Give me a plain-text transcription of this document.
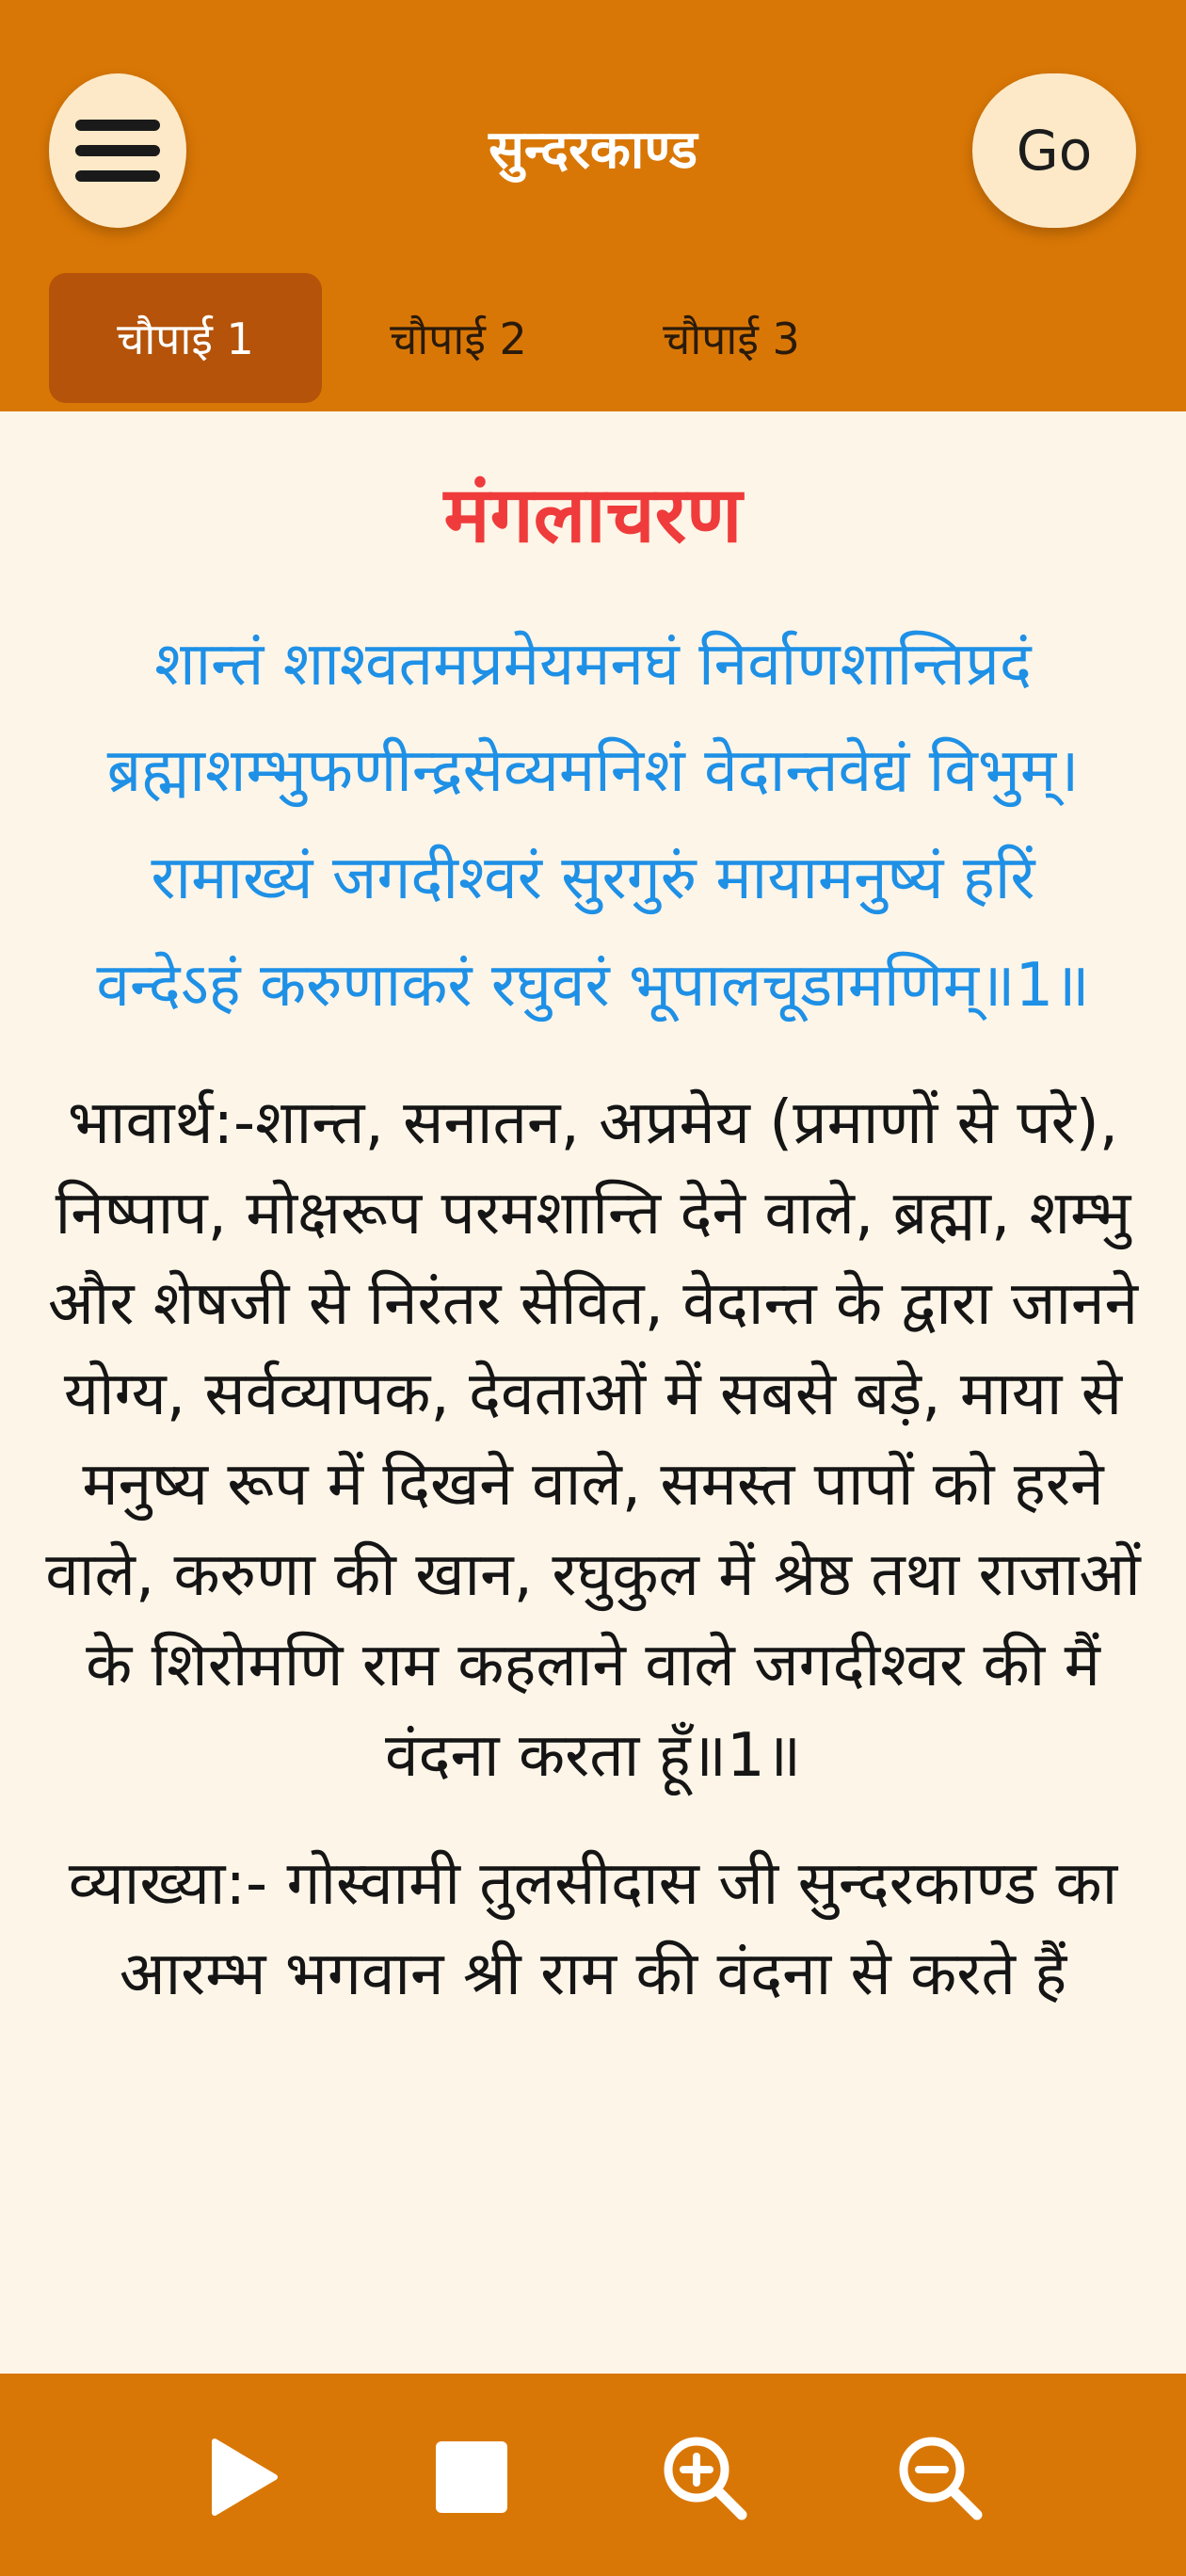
सुन्दरकाण्ड	Go
चौपाई 1	चौपाई 2	चौपाई 3
मंगलाचरण
शान्तं शाश्वतमप्रमेयमनघं निर्वाणशान्तिप्रदं
ब्रह्माशम्भुफणीन्द्रसेव्यमनिशं वेदान्तवेद्यं विभुम्।
रामाख्यं जगदीश्वरं सुरगुरुं मायामनुष्यं हरिं
वन्देऽहं करुणाकरं रघुवरं भूपालचूडामणिम्॥1॥
भावार्थ:-शान्त, सनातन, अप्रमेय (प्रमाणों से परे), निष्पाप, मोक्षरूप परमशान्ति देने वाले, ब्रह्मा, शम्भु और शेषजी से निरंतर सेवित, वेदान्त के द्वारा जानने योग्य, सर्वव्यापक, देवताओं में सबसे बड़े, माया से मनुष्य रूप में दिखने वाले, समस्त पापों को हरने वाले, करुणा की खान, रघुकुल में श्रेष्ठ तथा राजाओं के शिरोमणि राम कहलाने वाले जगदीश्वर की मैं वंदना करता हूँ॥1॥
व्याख्या:- गोस्वामी तुलसीदास जी सुन्दरकाण्ड का आरम्भ भगवान श्री राम की वंदना से करते हैं
